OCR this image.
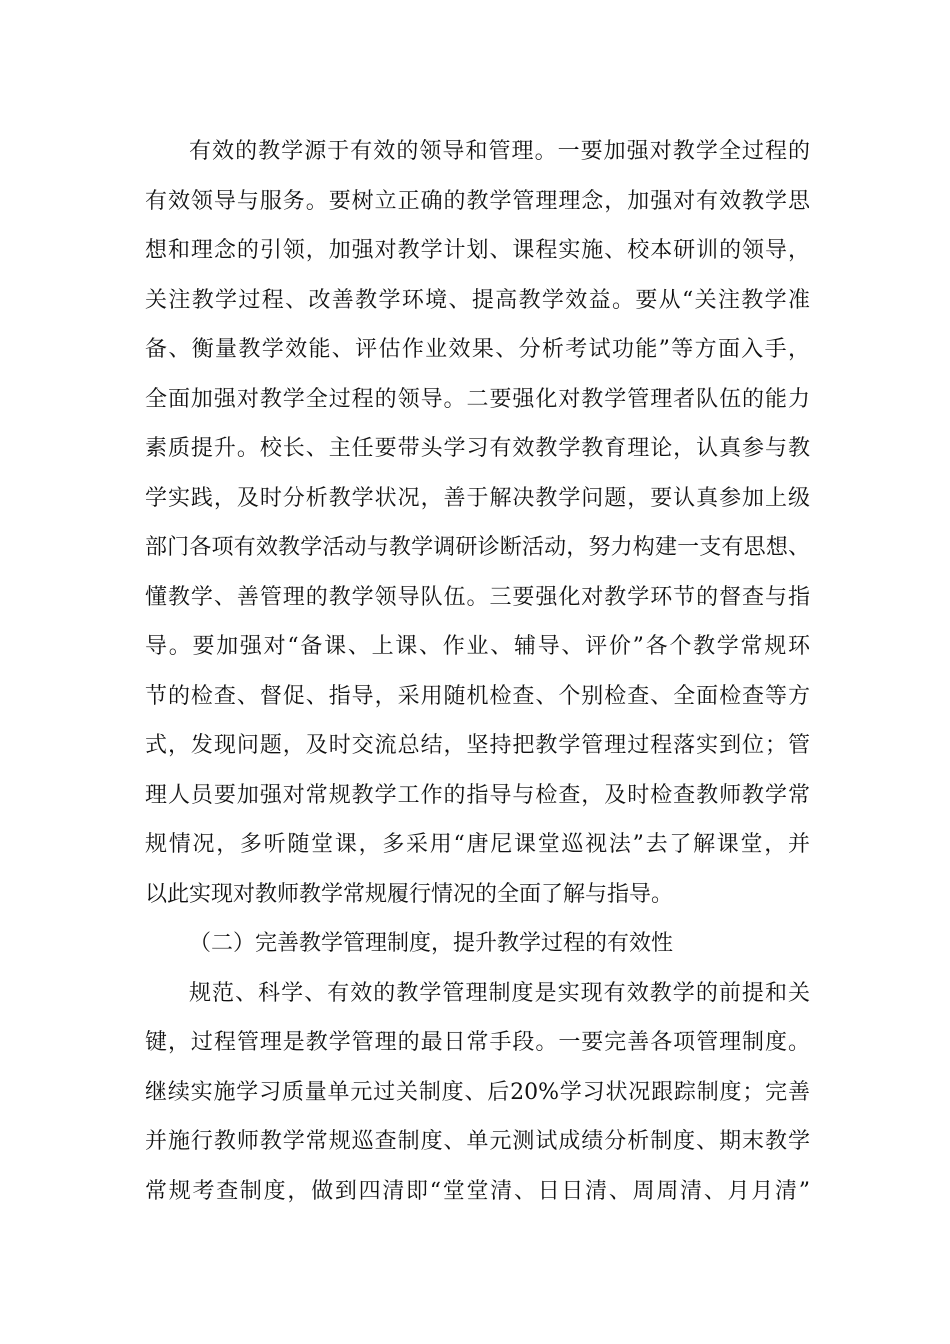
有效的教学源于有效的领导和管理。一要加强对教学全过程的
有效领导与服务。要树立正确的教学管理理念，加强对有效教学思
想和理念的引领，加强对教学计划、课程实施、校本研训的领导，
关注教学过程、改善教学环境、提高教学效益。要从“关注教学准
备、衡量教学效能、评估作业效果、分析考试功能”等方面入手，
全面加强对教学全过程的领导。二要强化对教学管理者队伍的能力
素质提升。校长、主任要带头学习有效教学教育理论，认真参与教
学实践，及时分析教学状况，善于解决教学问题，要认真参加上级
部门各项有效教学活动与教学调研诊断活动，努力构建一支有思想、
懂教学、善管理的教学领导队伍。三要强化对教学环节的督查与指
导。要加强对“备课、上课、作业、辅导、评价”各个教学常规环
节的检查、督促、指导，采用随机检查、个别检查、全面检查等方
式，发现问题，及时交流总结，坚持把教学管理过程落实到位；管
理人员要加强对常规教学工作的指导与检查，及时检查教师教学常
规情况，多听随堂课，多采用“唐尼课堂巡视法”去了解课堂，并
以此实现对教师教学常规履行情况的全面了解与指导。
（二）完善教学管理制度，提升教学过程的有效性
规范、科学、有效的教学管理制度是实现有效教学的前提和关
键，过程管理是教学管理的最日常手段。一要完善各项管理制度。
继续实施学习质量单元过关制度、后20%学习状况跟踪制度；完善
并施行教师教学常规巡查制度、单元测试成绩分析制度、期末教学
常规考查制度，做到四清即“堂堂清、日日清、周周清、月月清”
